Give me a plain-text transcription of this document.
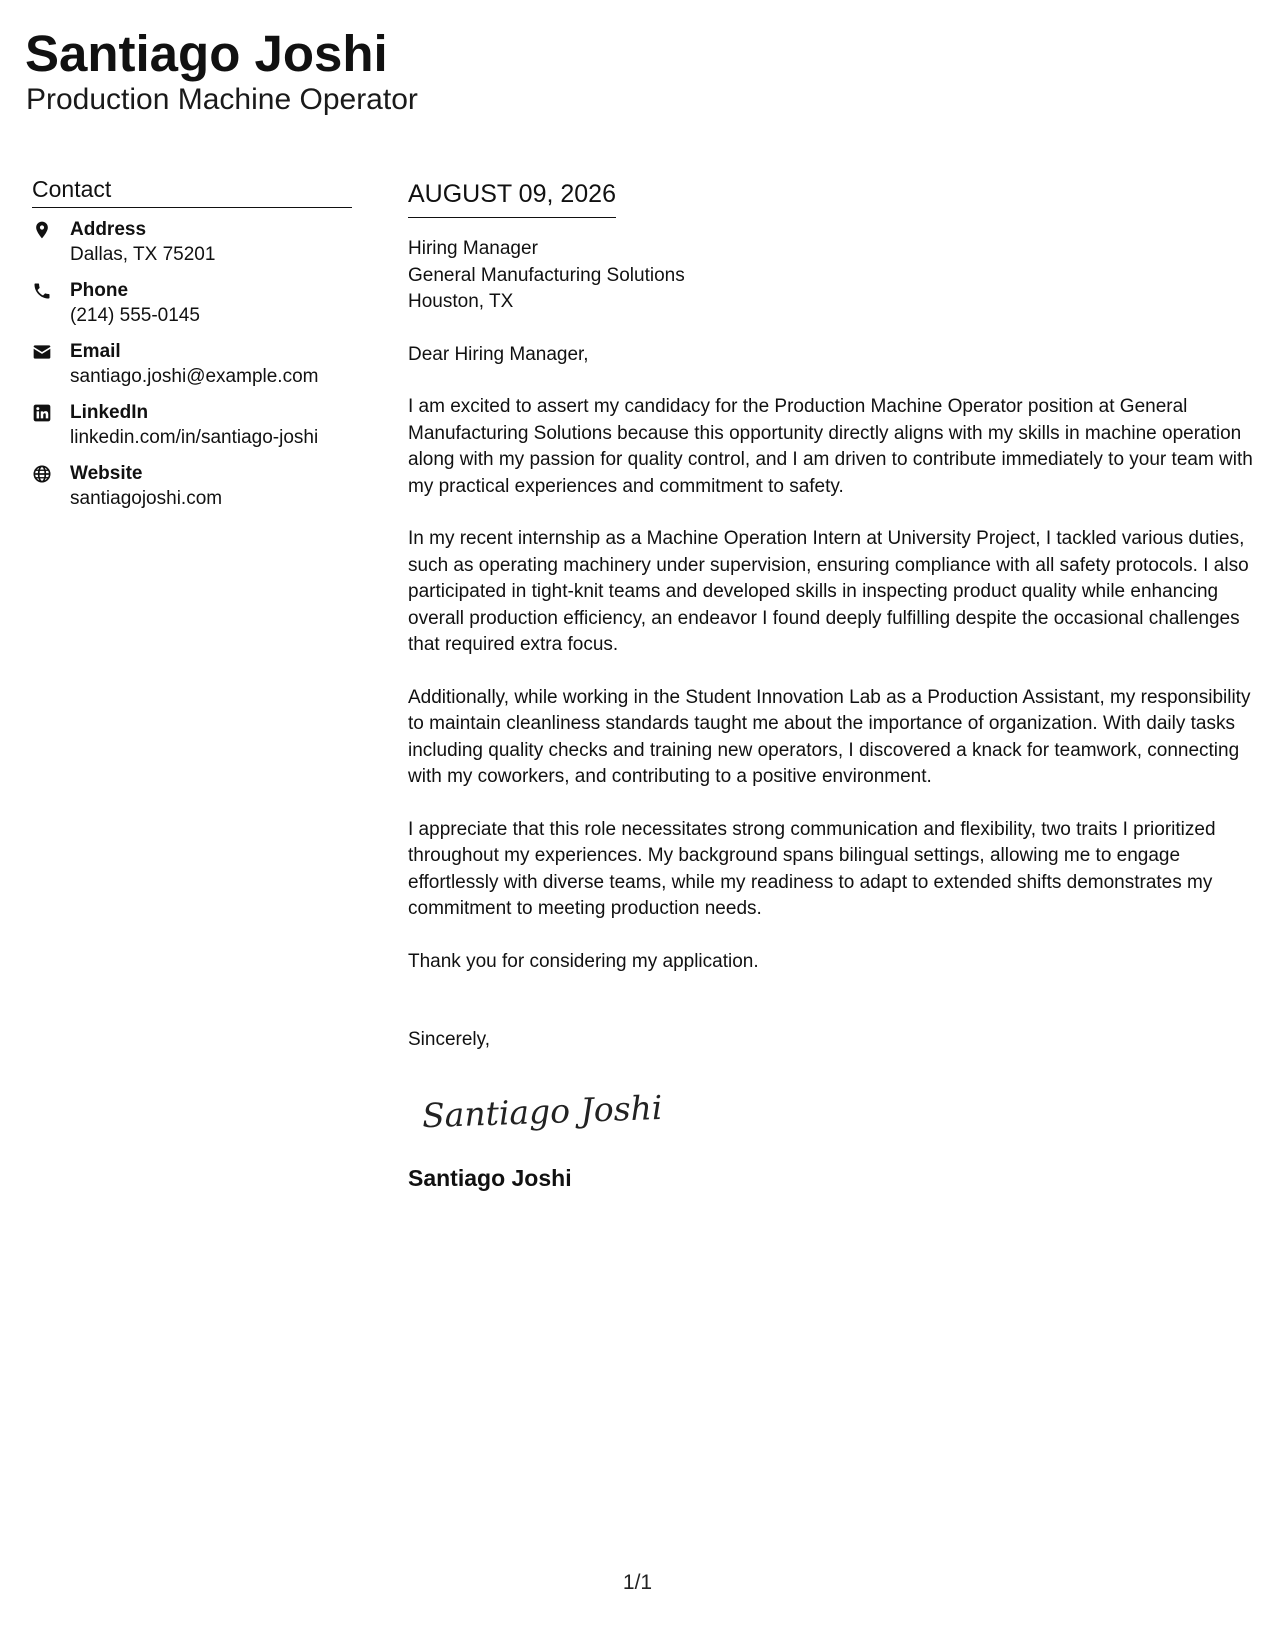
Santiago Joshi
Production Machine Operator
Contact
Address
Dallas, TX 75201
Phone
(214) 555-0145
Email
santiago.joshi@example.com
LinkedIn
linkedin.com/in/santiago-joshi
Website
santiagojoshi.com
AUGUST 09, 2026
Hiring Manager
General Manufacturing Solutions
Houston, TX

Dear Hiring Manager,

I am excited to assert my candidacy for the Production Machine Operator position at General Manufacturing Solutions because this opportunity directly aligns with my skills in machine operation along with my passion for quality control, and I am driven to contribute immediately to your team with my practical experiences and commitment to safety.

In my recent internship as a Machine Operation Intern at University Project, I tackled various duties, such as operating machinery under supervision, ensuring compliance with all safety protocols. I also participated in tight-knit teams and developed skills in inspecting product quality while enhancing overall production efficiency, an endeavor I found deeply fulfilling despite the occasional challenges that required extra focus.

Additionally, while working in the Student Innovation Lab as a Production Assistant, my responsibility to maintain cleanliness standards taught me about the importance of organization. With daily tasks including quality checks and training new operators, I discovered a knack for teamwork, connecting with my coworkers, and contributing to a positive environment.

I appreciate that this role necessitates strong communication and flexibility, two traits I prioritized throughout my experiences. My background spans bilingual settings, allowing me to engage effortlessly with diverse teams, while my readiness to adapt to extended shifts demonstrates my commitment to meeting production needs.

Thank you for considering my application.

Sincerely,
Santiago Joshi
Santiago Joshi
1/1
